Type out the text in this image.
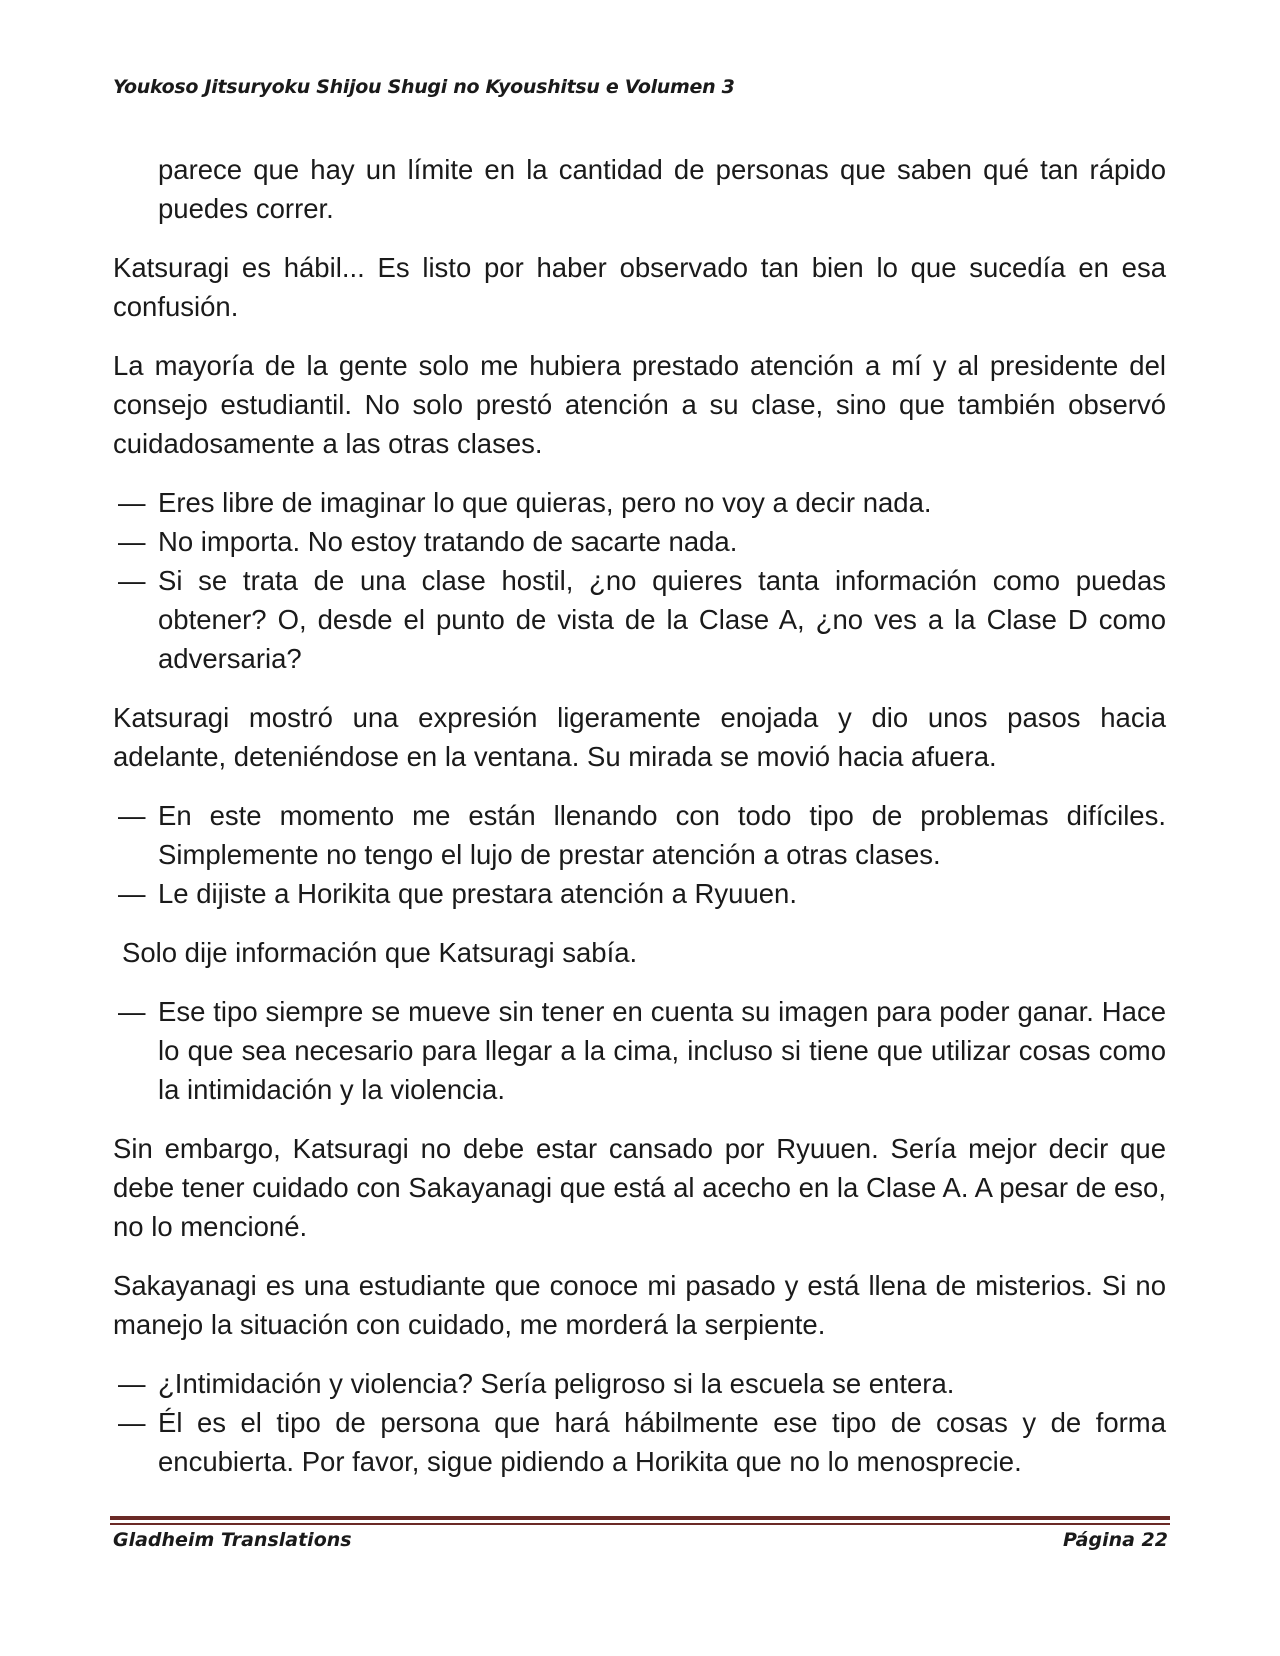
Youkoso Jitsuryoku Shijou Shugi no Kyoushitsu e Volumen 3

parece que hay un límite en la cantidad de personas que saben qué tan rápido puedes correr.

Katsuragi es hábil... Es listo por haber observado tan bien lo que sucedía en esa confusión.

La mayoría de la gente solo me hubiera prestado atención a mí y al presidente del consejo estudiantil. No solo prestó atención a su clase, sino que también observó cuidadosamente a las otras clases.

— Eres libre de imaginar lo que quieras, pero no voy a decir nada.
— No importa. No estoy tratando de sacarte nada.
— Si se trata de una clase hostil, ¿no quieres tanta información como puedas obtener? O, desde el punto de vista de la Clase A, ¿no ves a la Clase D como adversaria?

Katsuragi mostró una expresión ligeramente enojada y dio unos pasos hacia adelante, deteniéndose en la ventana. Su mirada se movió hacia afuera.

— En este momento me están llenando con todo tipo de problemas difíciles. Simplemente no tengo el lujo de prestar atención a otras clases.
— Le dijiste a Horikita que prestara atención a Ryuuen.

Solo dije información que Katsuragi sabía.

— Ese tipo siempre se mueve sin tener en cuenta su imagen para poder ganar. Hace lo que sea necesario para llegar a la cima, incluso si tiene que utilizar cosas como la intimidación y la violencia.

Sin embargo, Katsuragi no debe estar cansado por Ryuuen. Sería mejor decir que debe tener cuidado con Sakayanagi que está al acecho en la Clase A. A pesar de eso, no lo mencioné.

Sakayanagi es una estudiante que conoce mi pasado y está llena de misterios. Si no manejo la situación con cuidado, me morderá la serpiente.

— ¿Intimidación y violencia? Sería peligroso si la escuela se entera.
— Él es el tipo de persona que hará hábilmente ese tipo de cosas y de forma encubierta. Por favor, sigue pidiendo a Horikita que no lo menosprecie.
Gladheim Translations	Página 22
